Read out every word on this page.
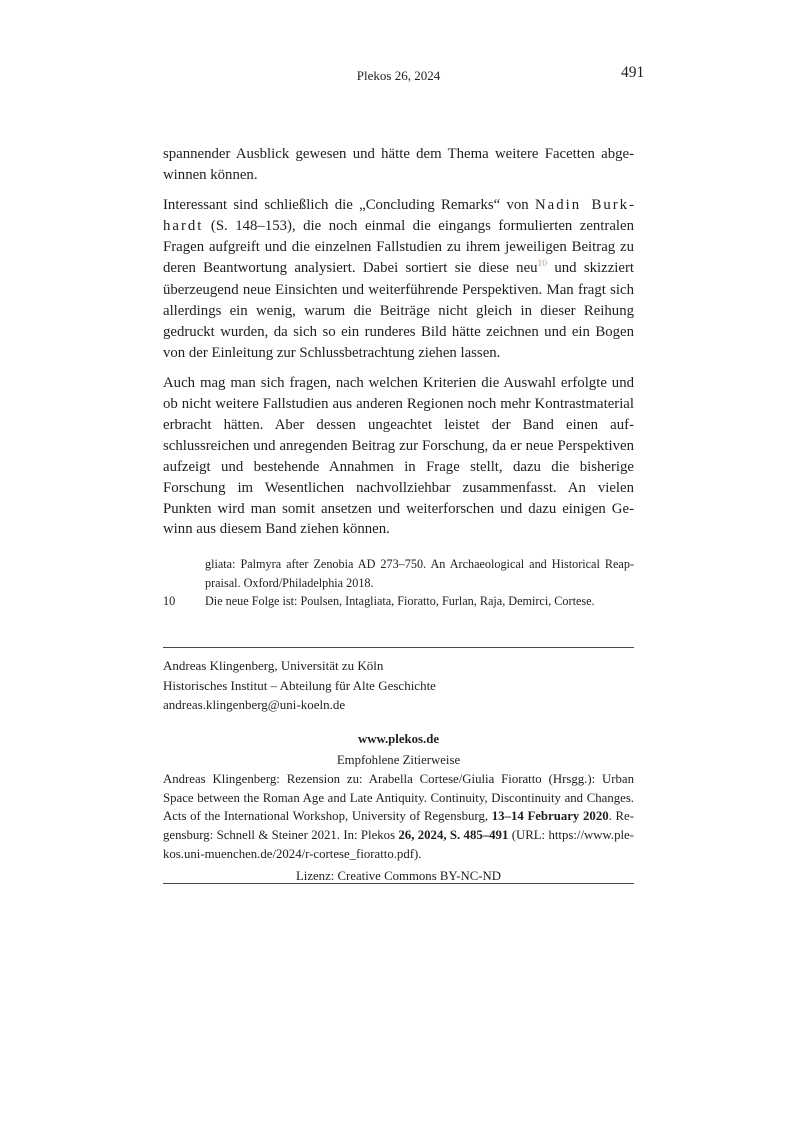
Plekos 26, 2024	491

spannender Ausblick gewesen und hätte dem Thema weitere Facetten abgewinnen können.

Interessant sind schließlich die „Concluding Remarks“ von Nadin Burkhardt (S. 148–153), die noch einmal die eingangs formulierten zentralen Fragen aufgreift und die einzelnen Fallstudien zu ihrem jeweiligen Beitrag zu deren Beantwortung analysiert. Dabei sortiert sie diese neu$^{10}$ und skizziert überzeugend neue Einsichten und weiterführende Perspektiven. Man fragt sich allerdings ein wenig, warum die Beiträge nicht gleich in dieser Reihung gedruckt wurden, da sich so ein runderes Bild hätte zeichnen und ein Bogen von der Einleitung zur Schlussbetrachtung ziehen lassen.

Auch mag man sich fragen, nach welchen Kriterien die Auswahl erfolgte und ob nicht weitere Fallstudien aus anderen Regionen noch mehr Kontrastmaterial erbracht hätten. Aber dessen ungeachtet leistet der Band einen aufschlussreichen und anregenden Beitrag zur Forschung, da er neue Perspektiven aufzeigt und bestehende Annahmen in Frage stellt, dazu die bisherige Forschung im Wesentlichen nachvollziehbar zusammenfasst. An vielen Punkten wird man somit ansetzen und weiterforschen und dazu einigen Gewinn aus diesem Band ziehen können.

gliata: Palmyra after Zenobia AD 273–750. An Archaeological and Historical Reappraisal. Oxford/Philadelphia 2018.

10	Die neue Folge ist: Poulsen, Intagliata, Fioratto, Furlan, Raja, Demirci, Cortese.
Andreas Klingenberg, Universität zu Köln
Historisches Institut – Abteilung für Alte Geschichte
andreas.klingenberg@uni-koeln.de
www.plekos.de
Empfohlene Zitierweise

Andreas Klingenberg: Rezension zu: Arabella Cortese/Giulia Fioratto (Hrsgg.): Urban Space between the Roman Age and Late Antiquity. Continuity, Discontinuity and Changes. Acts of the International Workshop, University of Regensburg, 13–14 February 2020. Regensburg: Schnell & Steiner 2021. In: Plekos 26, 2024, S. 485–491 (URL: https://www.plekos.uni-muenchen.de/2024/r-cortese_fioratto.pdf).

Lizenz: Creative Commons BY-NC-ND
